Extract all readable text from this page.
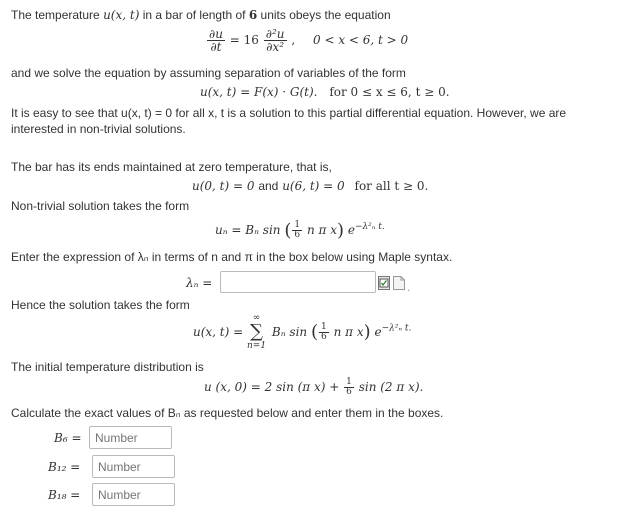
The temperature u(x, t) in a bar of length of 6 units obeys the equation
$\frac{\partial u}{\partial t} = 16 \frac{\text{∂²u}}{\text{∂x²}}$ , 0 < x < 6, t > 0
and we solve the equation by assuming separation of variables of the form
u(x, t) = F(x) · G(t). for 0 ≤ x ≤ 6, t ≥ 0.
It is easy to see that u(x, t) = 0 for all x, t is a solution to this partial differential equation. However, we are
interested in non-trivial solutions.
The bar has its ends maintained at zero temperature, that is,
u(0, t) = 0 and u(6, t) = 0 for all t ≥ 0.
Non-trivial solution takes the form
uₙ = Bₙ sin ( $\frac{1}{6}$ n π x) $e^{-\lambda^2_n t.}$
Enter the expression of λₙ in terms of n and π in the box below using Maple syntax.
λₙ =	.
Hence the solution takes the form
u(x, t) =
∞
∑
n=1
Bₙ sin ( $\frac{1}{6}$ n π x) $e^{-\lambda^2_n t.}$
The initial temperature distribution is
u (x, 0) = 2 sin (π $x) + \frac{1}{6}$ sin (2 π x).
Calculate the exact values of Bₙ as requested below and enter them in the boxes.
B₆ =
Number
B₁₂ =
Number
B₁₈ =
Number
